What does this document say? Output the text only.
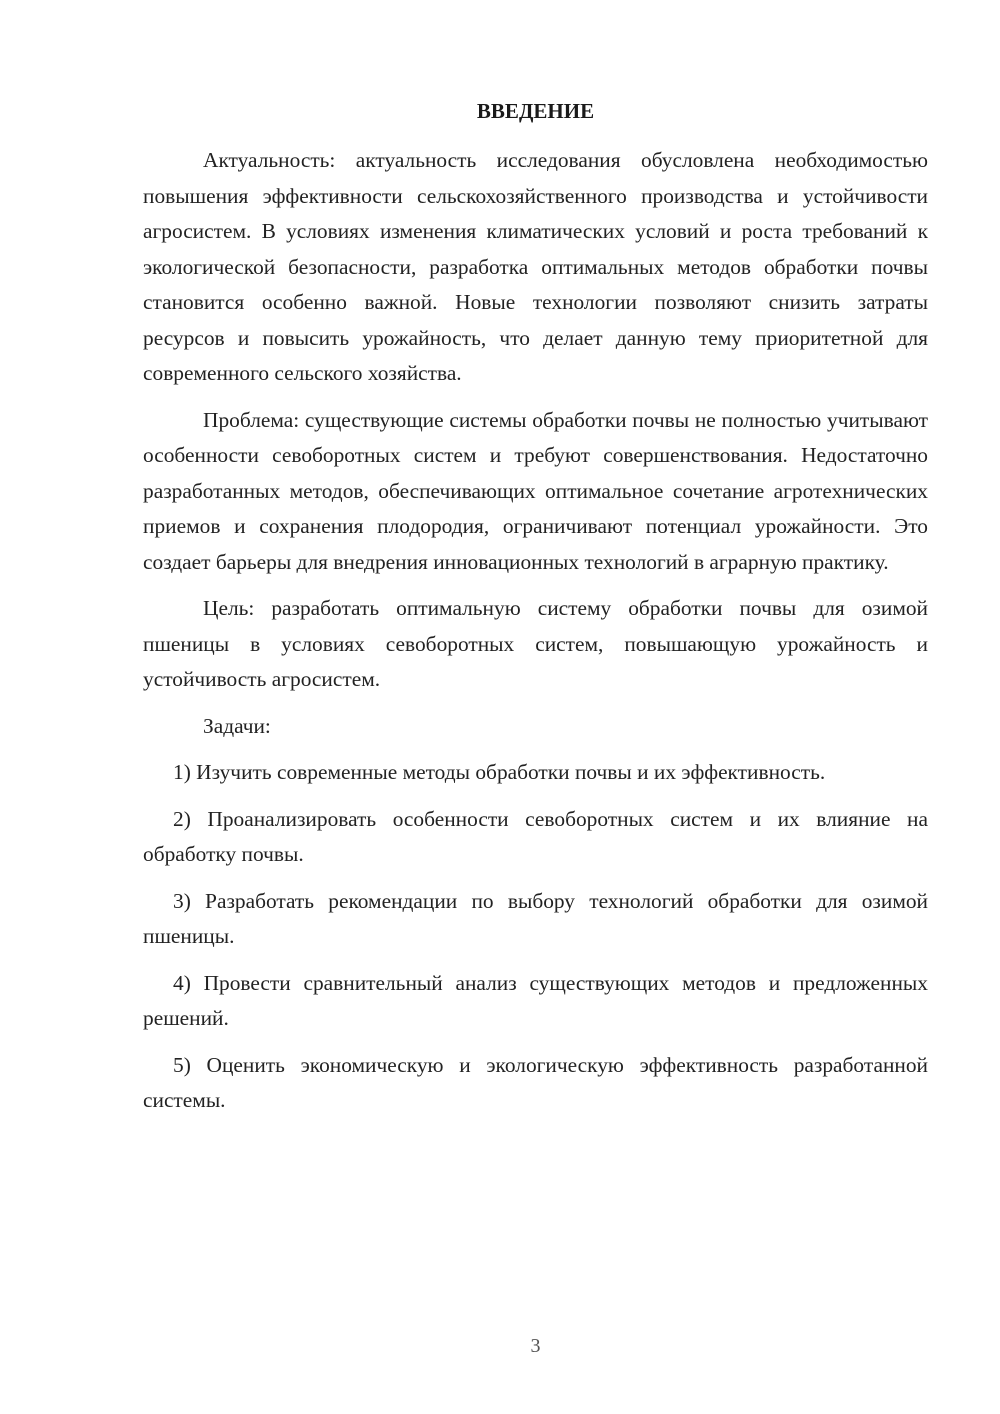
ВВЕДЕНИЕ

Актуальность: актуальность исследования обусловлена необходимостью повышения эффективности сельскохозяйственного производства и устойчивости агросистем. В условиях изменения климатических условий и роста требований к экологической безопасности, разработка оптимальных методов обработки почвы становится особенно важной. Новые технологии позволяют снизить затраты ресурсов и повысить урожайность, что делает данную тему приоритетной для современного сельского хозяйства.

Проблема: существующие системы обработки почвы не полностью учитывают особенности севоборотных систем и требуют совершенствования. Недостаточно разработанных методов, обеспечивающих оптимальное сочетание агротехнических приемов и сохранения плодородия, ограничивают потенциал урожайности. Это создает барьеры для внедрения инновационных технологий в аграрную практику.

Цель: разработать оптимальную систему обработки почвы для озимой пшеницы в условиях севоборотных систем, повышающую урожайность и устойчивость агросистем.

Задачи:

1) Изучить современные методы обработки почвы и их эффективность.

2) Проанализировать особенности севоборотных систем и их влияние на обработку почвы.

3) Разработать рекомендации по выбору технологий обработки для озимой пшеницы.

4) Провести сравнительный анализ существующих методов и предложенных решений.

5) Оценить экономическую и экологическую эффективность разработанной системы.

3
